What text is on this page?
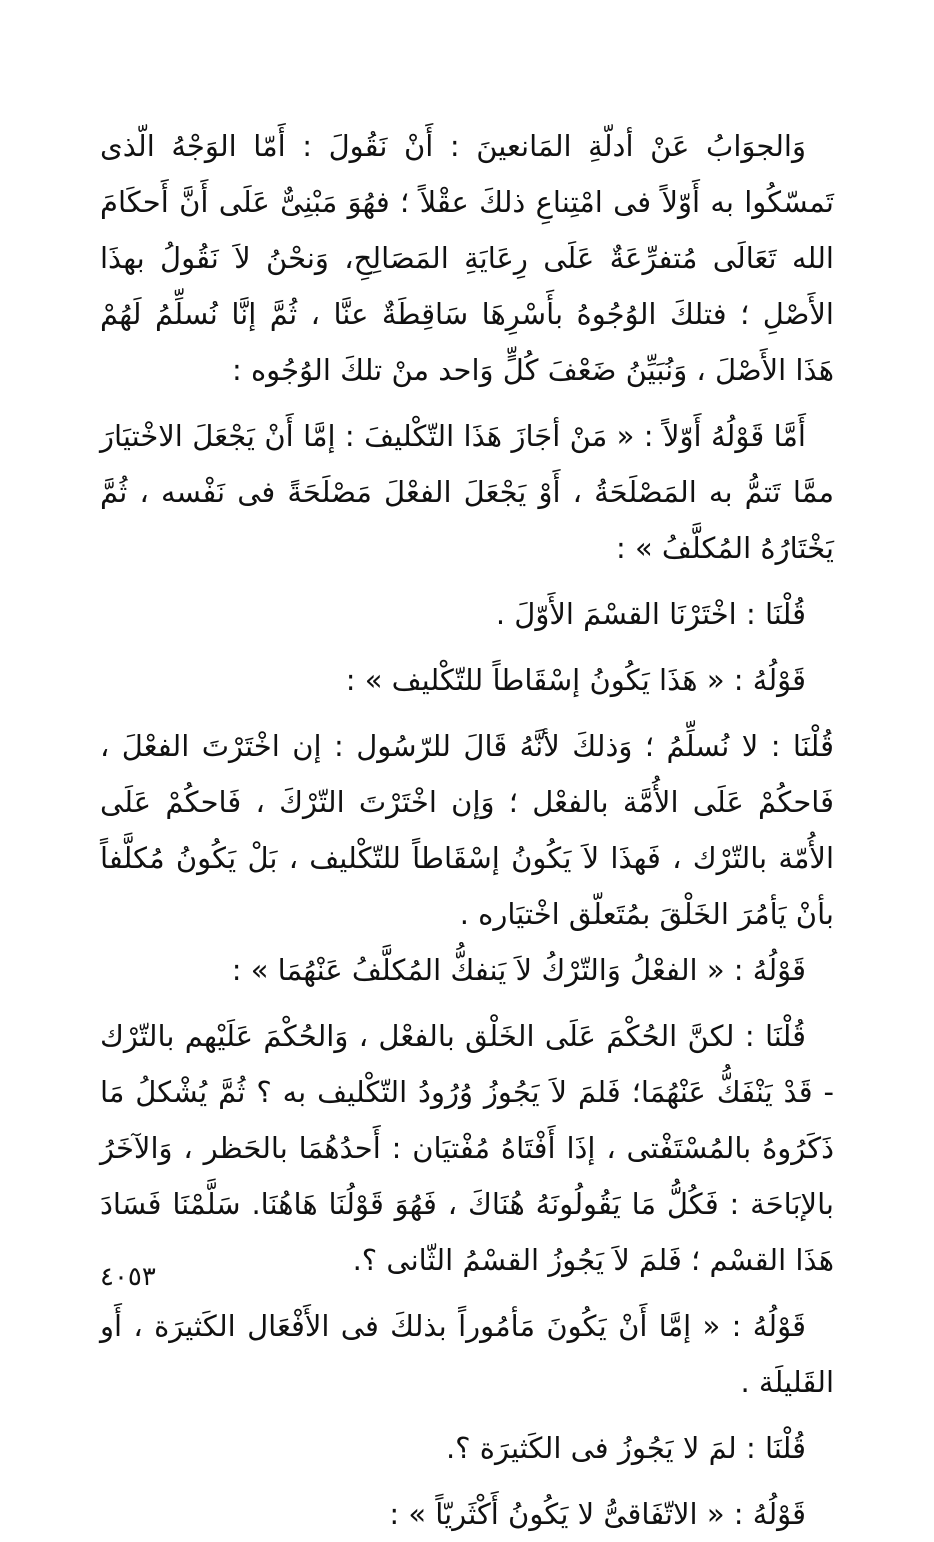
وَالجوَابُ عَنْ أدلّةِ المَانعينَ : أَنْ نَقُولَ : أَمّا الوَجْهُ الّذى تَمسّكُوا به أَوّلاً فى امْتِناعِ ذلكَ عقْلاً ؛ فهُوَ مَبْنِىٌّ عَلَى أَنَّ أَحكَامَ الله تَعَالَى مُتفرِّعَةٌ عَلَى رِعَايَةِ المَصَالِحِ، وَنحْنُ لاَ نَقُولُ بهذَا الأَصْلِ ؛ فتلكَ الوُجُوهُ بأَسْرِهَا سَاقِطَةٌ عنَّا ، ثُمَّ إنَّا نُسلِّمُ لَهُمْ هَذَا الأَصْلَ ، وَنُبَيِّنُ ضَعْفَ كُلٍّ وَاحد منْ تلكَ الوُجُوه :

أَمَّا قَوْلُهُ أَوّلاً : « مَنْ أجَازَ هَذَا التّكْليفَ : إمَّا أَنْ يَجْعَلَ الاخْتيَارَ ممَّا تَتمُّ به المَصْلَحَةُ ، أَوْ يَجْعَلَ الفعْلَ مَصْلَحَةً فى نَفْسه ، ثُمَّ يَخْتَارُهُ المُكلَّفُ » :

قُلْنَا : اخْتَرْنَا القسْمَ الأَوّلَ .

قَوْلُهُ : « هَذَا يَكُونُ إسْقَاطاً للتّكْليف » :

قُلْنَا : لا نُسلِّمُ ؛ وَذلكَ لأنَّهُ قَالَ للرّسُول : إن اخْتَرْتَ الفعْلَ ، فَاحكُمْ عَلَى الأُمَّة بالفعْل ؛ وَإن اخْتَرْتَ التّرْكَ ، فَاحكُمْ عَلَى الأُمّة بالتّرْك ، فَهذَا لاَ يَكُونُ إسْقَاطاً للتّكْليف ، بَلْ يَكُونُ مُكلَّفاً بأنْ يَأمُرَ الخَلْقَ بمُتَعلّق اخْتيَاره .

قَوْلُهُ : « الفعْلُ وَالتّرْكُ لاَ يَنفكُّ المُكلَّفُ عَنْهُمَا » :

قُلْنَا : لكنَّ الحُكْمَ عَلَى الخَلْق بالفعْل ، وَالحُكْمَ عَلَيْهم بالتّرْك - قَدْ يَنْفَكُّ عَنْهُمَا؛ فَلمَ لاَ يَجُوزُ وُرُودُ التّكْليف به ؟ ثُمَّ يُشْكلُ مَا ذَكَرُوهُ بالمُسْتَفْتى ، إذَا أَفْتَاهُ مُفْتيَان : أَحدُهُمَا بالحَظر ، وَالآخَرُ بالإبَاحَة : فَكُلُّ مَا يَقُولُونَهُ هُنَاكَ ، فَهُوَ قَوْلُنَا هَاهُنَا. سَلَّمْنَا فَسَادَ هَذَا القسْم ؛ فَلمَ لاَ يَجُوزُ القسْمُ الثّانى ؟.

قَوْلُهُ : « إمَّا أَنْ يَكُونَ مَأمُوراً بذلكَ فى الأَفْعَال الكَثيرَة ، أَو القَليلَة .

قُلْنَا : لمَ لا يَجُوزُ فى الكَثيرَة ؟.

قَوْلُهُ : « الاتّفَاقىُّ لا يَكُونُ أَكْثَريّاً » :

٤٠٥٣
